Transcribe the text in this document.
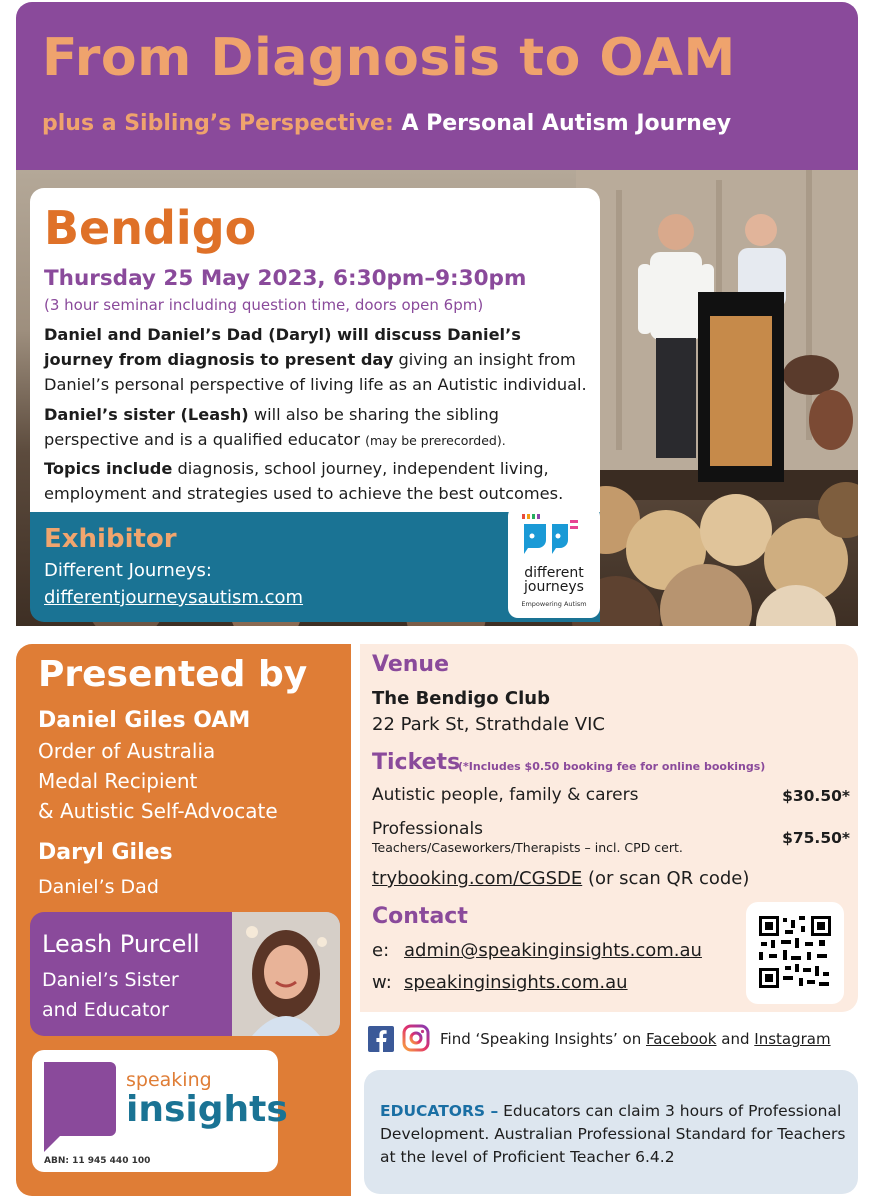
From Diagnosis to OAM
plus a Sibling’s Perspective: A Personal Autism Journey
Bendigo
Thursday 25 May 2023, 6:30pm–9:30pm
(3 hour seminar including question time, doors open 6pm)
Daniel and Daniel’s Dad (Daryl) will discuss Daniel’s journey from diagnosis to present day giving an insight from Daniel’s personal perspective of living life as an Autistic individual.
Daniel’s sister (Leash) will also be sharing the sibling perspective and is a qualified educator (may be prerecorded).
Topics include diagnosis, school journey, independent living, employment and strategies used to achieve the best outcomes.
Exhibitor
Different Journeys:
differentjourneysautism.com
different
journeys
Empowering Autism
Presented by
Daniel Giles OAM
Order of Australia
Medal Recipient
& Autistic Self-Advocate
Daryl Giles
Daniel’s Dad
Leash Purcell
Daniel’s Sister
and Educator
speaking
insights
ABN: 11 945 440 100
Venue
The Bendigo Club
22 Park St, Strathdale VIC
Tickets
(*Includes $0.50 booking fee for online bookings)
Autistic people, family & carers	$30.50*
Professionals
Teachers/Caseworkers/Therapists – incl. CPD cert.
$75.50*
trybooking.com/CGSDE (or scan QR code)
Contact
e: admin@speakinginsights.com.au
w: speakinginsights.com.au
Find ‘Speaking Insights’ on Facebook and Instagram
EDUCATORS – Educators can claim 3 hours of Professional Development. Australian Professional Standard for Teachers at the level of Proficient Teacher 6.4.2
